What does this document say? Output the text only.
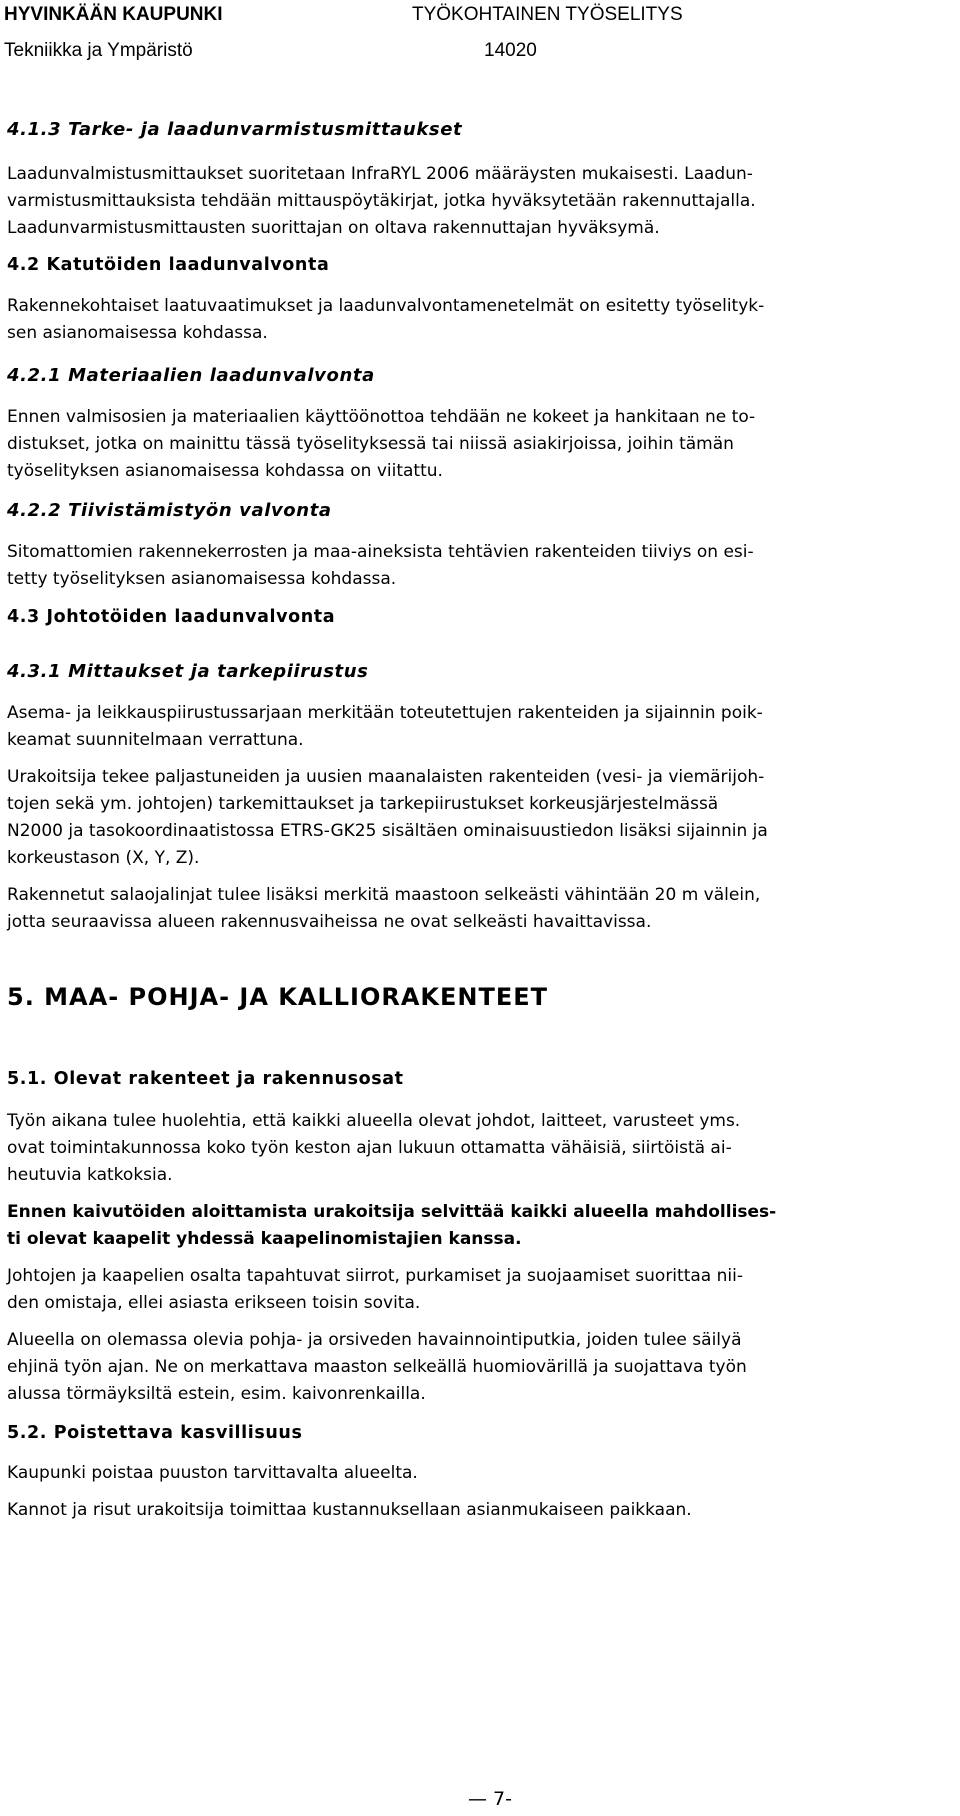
HYVINKÄÄN KAUPUNKI	TYÖKOHTAINEN TYÖSELITYS
Tekniikka ja Ympäristö	14020
4.1.3 Tarke- ja laadunvarmistusmittaukset

Laadunvalmistusmittaukset suoritetaan InfraRYL 2006 määräysten mukaisesti. Laadun-

varmistusmittauksista tehdään mittauspöytäkirjat, jotka hyväksytetään rakennuttajalla.

Laadunvarmistusmittausten suorittajan on oltava rakennuttajan hyväksymä.

4.2 Katutöiden laadunvalvonta

Rakennekohtaiset laatuvaatimukset ja laadunvalvontamenetelmät on esitetty työselityk-

sen asianomaisessa kohdassa.

4.2.1 Materiaalien laadunvalvonta

Ennen valmisosien ja materiaalien käyttöönottoa tehdään ne kokeet ja hankitaan ne to-

distukset, jotka on mainittu tässä työselityksessä tai niissä asiakirjoissa, joihin tämän

työselityksen asianomaisessa kohdassa on viitattu.

4.2.2 Tiivistämistyön valvonta

Sitomattomien rakennekerrosten ja maa-aineksista tehtävien rakenteiden tiiviys on esi-

tetty työselityksen asianomaisessa kohdassa.

4.3 Johtotöiden laadunvalvonta
4.3.1 Mittaukset ja tarkepiirustus

Asema- ja leikkauspiirustussarjaan merkitään toteutettujen rakenteiden ja sijainnin poik-

keamat suunnitelmaan verrattuna.

Urakoitsija tekee paljastuneiden ja uusien maanalaisten rakenteiden (vesi- ja viemärijoh-

tojen sekä ym. johtojen) tarkemittaukset ja tarkepiirustukset korkeusjärjestelmässä

N2000 ja tasokoordinaatistossa ETRS-GK25 sisältäen ominaisuustiedon lisäksi sijainnin ja

korkeustason (X, Y, Z).

Rakennetut salaojalinjat tulee lisäksi merkitä maastoon selkeästi vähintään 20 m välein,

jotta seuraavissa alueen rakennusvaiheissa ne ovat selkeästi havaittavissa.

5. MAA- POHJA- JA KALLIORAKENTEET
5.1. Olevat rakenteet ja rakennusosat

Työn aikana tulee huolehtia, että kaikki alueella olevat johdot, laitteet, varusteet yms.

ovat toimintakunnossa koko työn keston ajan lukuun ottamatta vähäisiä, siirtöistä ai-

heutuvia katkoksia.

Ennen kaivutöiden aloittamista urakoitsija selvittää kaikki alueella mahdollises-

ti olevat kaapelit yhdessä kaapelinomistajien kanssa.

Johtojen ja kaapelien osalta tapahtuvat siirrot, purkamiset ja suojaamiset suorittaa nii-

den omistaja, ellei asiasta erikseen toisin sovita.

Alueella on olemassa olevia pohja- ja orsiveden havainnointiputkia, joiden tulee säilyä

ehjinä työn ajan. Ne on merkattava maaston selkeällä huomiovärillä ja suojattava työn

alussa törmäyksiltä estein, esim. kaivonrenkailla.

5.2. Poistettava kasvillisuus

Kaupunki poistaa puuston tarvittavalta alueelta.

Kannot ja risut urakoitsija toimittaa kustannuksellaan asianmukaiseen paikkaan.

— 7-
